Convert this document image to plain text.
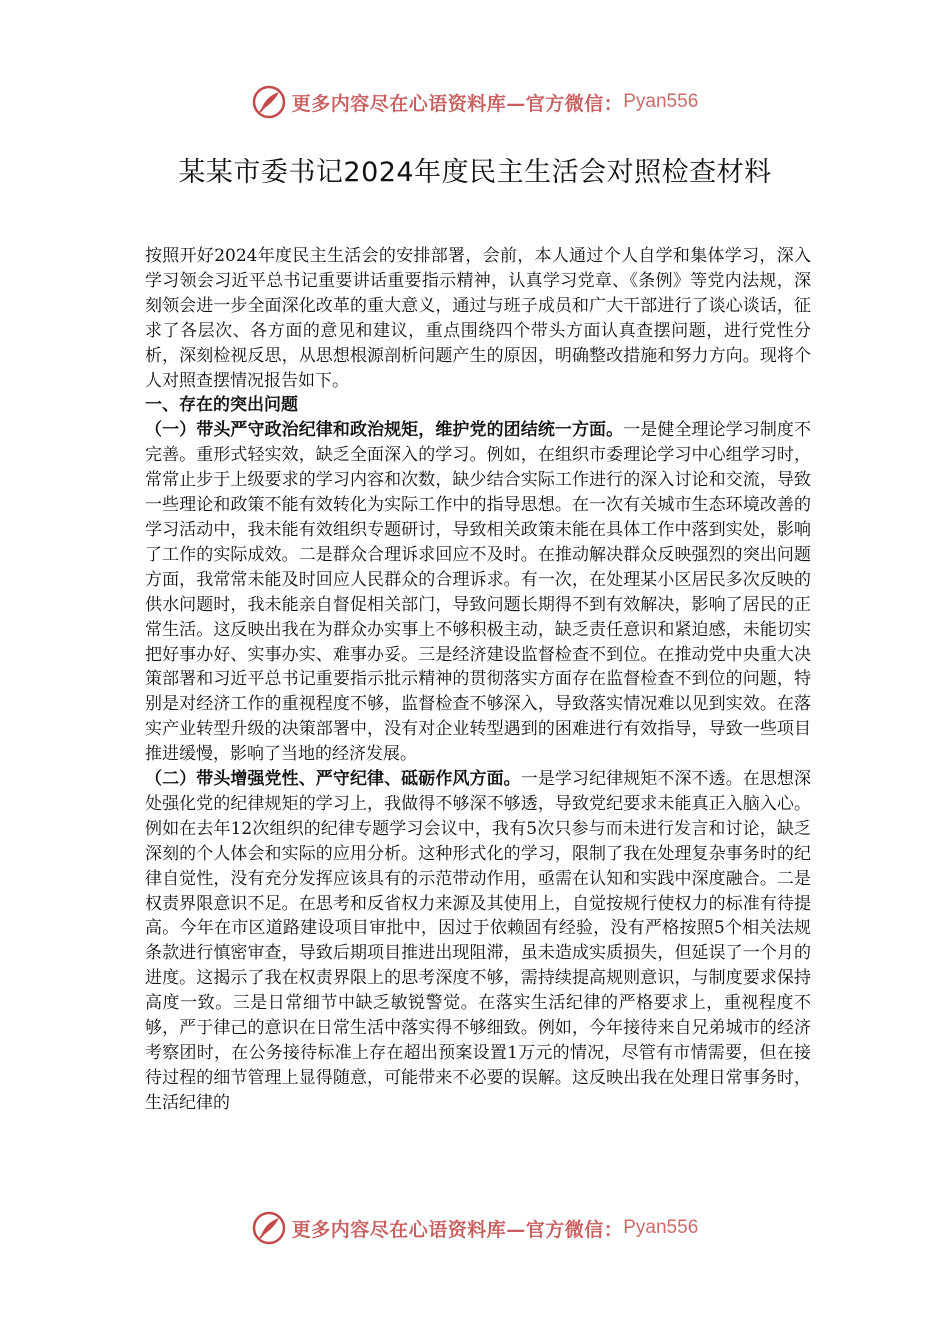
更多内容尽在心语资料库—官方微信： Pyan556
某某市委书记2024年度民主生活会对照检查材料

按照开好2024年度民主生活会的安排部署，会前，本人通过个人自学和集体学习，深入学习领会习近平总书记重要讲话重要指示精神，认真学习党章、《条例》等党内法规，深刻领会进一步全面深化改革的重大意义，通过与班子成员和广大干部进行了谈心谈话，征求了各层次、各方面的意见和建议，重点围绕四个带头方面认真查摆问题，进行党性分析，深刻检视反思，从思想根源剖析问题产生的原因，明确整改措施和努力方向。现将个人对照查摆情况报告如下。

一、存在的突出问题

（一）带头严守政治纪律和政治规矩，维护党的团结统一方面。一是健全理论学习制度不完善。重形式轻实效，缺乏全面深入的学习。例如，在组织市委理论学习中心组学习时，常常止步于上级要求的学习内容和次数，缺少结合实际工作进行的深入讨论和交流，导致一些理论和政策不能有效转化为实际工作中的指导思想。在一次有关城市生态环境改善的学习活动中，我未能有效组织专题研讨，导致相关政策未能在具体工作中落到实处，影响了工作的实际成效。二是群众合理诉求回应不及时。在推动解决群众反映强烈的突出问题方面，我常常未能及时回应人民群众的合理诉求。有一次，在处理某小区居民多次反映的供水问题时，我未能亲自督促相关部门，导致问题长期得不到有效解决，影响了居民的正常生活。这反映出我在为群众办实事上不够积极主动，缺乏责任意识和紧迫感，未能切实把好事办好、实事办实、难事办妥。三是经济建设监督检查不到位。在推动党中央重大决策部署和习近平总书记重要指示批示精神的贯彻落实方面存在监督检查不到位的问题，特别是对经济工作的重视程度不够，监督检查不够深入，导致落实情况难以见到实效。在落实产业转型升级的决策部署中，没有对企业转型遇到的困难进行有效指导，导致一些项目推进缓慢，影响了当地的经济发展。

（二）带头增强党性、严守纪律、砥砺作风方面。一是学习纪律规矩不深不透。在思想深处强化党的纪律规矩的学习上，我做得不够深不够透，导致党纪要求未能真正入脑入心。例如在去年12次组织的纪律专题学习会议中，我有5次只参与而未进行发言和讨论，缺乏深刻的个人体会和实际的应用分析。这种形式化的学习，限制了我在处理复杂事务时的纪律自觉性，没有充分发挥应该具有的示范带动作用，亟需在认知和实践中深度融合。二是权责界限意识不足。在思考和反省权力来源及其使用上，自觉按规行使权力的标准有待提高。今年在市区道路建设项目审批中，因过于依赖固有经验，没有严格按照5个相关法规条款进行慎密审查，导致后期项目推进出现阻滞，虽未造成实质损失，但延误了一个月的进度。这揭示了我在权责界限上的思考深度不够，需持续提高规则意识，与制度要求保持高度一致。三是日常细节中缺乏敏锐警觉。在落实生活纪律的严格要求上，重视程度不够，严于律己的意识在日常生活中落实得不够细致。例如，今年接待来自兄弟城市的经济考察团时，在公务接待标准上存在超出预案设置1万元的情况，尽管有市情需要，但在接待过程的细节管理上显得随意，可能带来不必要的误解。这反映出我在处理日常事务时，生活纪律的

更多内容尽在心语资料库—官方微信： Pyan556
